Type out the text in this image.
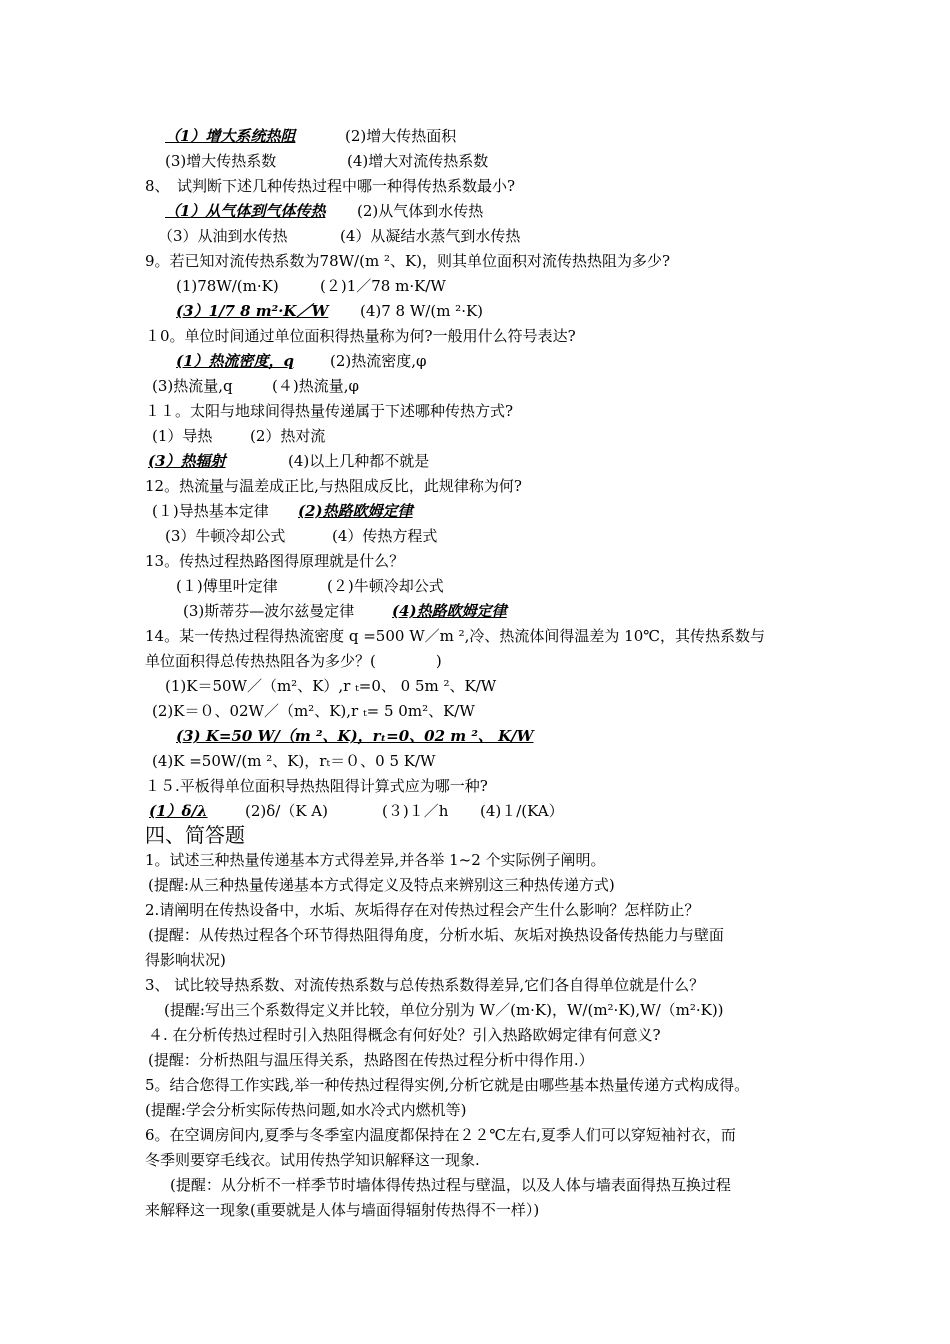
（1）增大系统热阻	(2)增大传热面积
(3)增大传热系数	(4)增大对流传热系数
8、　试判断下述几种传热过程中哪一种得传热系数最小?
（1）从气体到气体传热 (2)从气体到水传热
（3）从油到水传热	(4）从凝结水蒸气到水传热
9。若已知对流传热系数为78W/(m ²、K)，则其单位面积对流传热热阻为多少?
(1)78W/(m·K)	(２)1／78 m·K/W
(3）1/7 8 m²·K／W (4)7 8 W/(m ²·K)
１0。单位时间通过单位面积得热量称为何?一般用什么符号表达?
(1）热流密度，q (2)热流密度,φ
(3)热流量,q	(４)热流量,φ
１１。太阳与地球间得热量传递属于下述哪种传热方式?
(1）导热	(2）热对流
(3）热辐射	(4)以上几种都不就是
12。热流量与温差成正比,与热阻成反比，此规律称为何?
(１)导热基本定律 (2)热路欧姆定律
(3）牛顿冷却公式	(4）传热方程式
13。传热过程热路图得原理就是什么？
(１)傅里叶定律	(２)牛顿冷却公式
(3)斯蒂芬—波尔兹曼定律	(4)热路欧姆定律
14。某一传热过程得热流密度 q =500 W／m ²,冷、热流体间得温差为 10℃，其传热系数与
单位面积得总传热热阻各为多少？(　　　　)
(1)K＝50W／（m²、K）,r ₜ=0、 0 5m ²、K/W
(2)K＝０、02W／（m²、K),r ₜ= 5 0m²、K/W
(3) K=50 W/（m ²、K)，rₜ=0、02 m ²、 K/W
(4)K =50W/(m ²、K)，rₜ＝０、0 5 K/W
１５.平板得单位面积导热热阻得计算式应为哪一种?
(1）δ/λ (2)δ/（K A)	(３)１／h (4)１/(KA）
四、简答题
1。试述三种热量传递基本方式得差异,并各举 1~2 个实际例子阐明。
(提醒:从三种热量传递基本方式得定义及特点来辨别这三种热传递方式)
2.请阐明在传热设备中，水垢、灰垢得存在对传热过程会产生什么影响？怎样防止？
(提醒：从传热过程各个环节得热阻得角度，分析水垢、灰垢对换热设备传热能力与壁面
得影响状况)
3、 试比较导热系数、对流传热系数与总传热系数得差异,它们各自得单位就是什么？
(提醒:写出三个系数得定义并比较，单位分别为 W／(m·K)，W/(m²·K),W/（m²·K))
４. 在分析传热过程时引入热阻得概念有何好处？引入热路欧姆定律有何意义?
(提醒：分析热阻与温压得关系，热路图在传热过程分析中得作用.）
5。结合您得工作实践,举一种传热过程得实例,分析它就是由哪些基本热量传递方式构成得。
(提醒:学会分析实际传热问题,如水冷式内燃机等)
6。在空调房间内,夏季与冬季室内温度都保持在２２℃左右,夏季人们可以穿短袖衬衣，而
冬季则要穿毛线衣。试用传热学知识解释这一现象.
(提醒：从分析不一样季节时墙体得传热过程与壁温，以及人体与墙表面得热互换过程
来解释这一现象(重要就是人体与墙面得辐射传热得不一样）)
